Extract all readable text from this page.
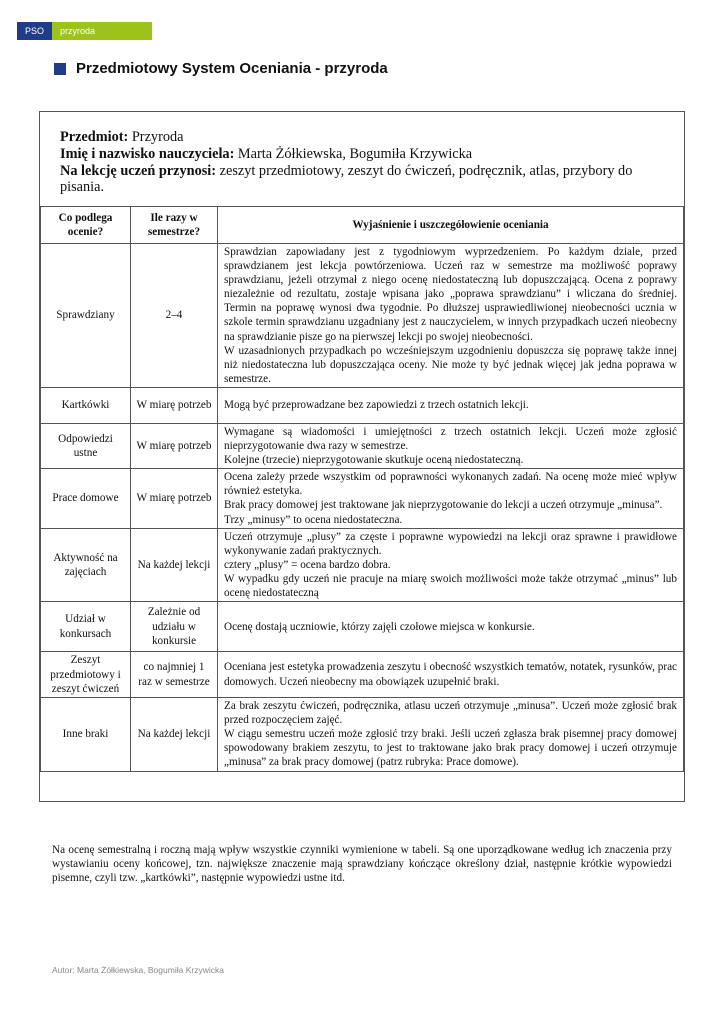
PSO	przyroda
Przedmiotowy System Oceniania - przyroda
Przedmiot: Przyroda
Imię i nazwisko nauczyciela: Marta Żółkiewska, Bogumiła Krzywicka
Na lekcję uczeń przynosi: zeszyt przedmiotowy, zeszyt do ćwiczeń, podręcznik, atlas, przybory do pisania.
Co podlega ocenie?	Ile razy w semestrze?	Wyjaśnienie i uszczegółowienie oceniania
Sprawdziany	2–4	Sprawdzian zapowiadany jest z tygodniowym wyprzedzeniem. Po każdym dziale, przed sprawdzianem jest lekcja powtórzeniowa. Uczeń raz w semestrze ma możliwość poprawy sprawdzianu, jeżeli otrzymał z niego ocenę niedostateczną lub dopuszczającą. Ocena z poprawy niezależnie od rezultatu, zostaje wpisana jako „poprawa sprawdzianu” i wliczana do średniej. Termin na poprawę wynosi dwa tygodnie. Po dłuższej usprawiedliwionej nieobecności ucznia w szkole termin sprawdzianu uzgadniany jest z nauczycielem, w innych przypadkach uczeń nieobecny na sprawdzianie pisze go na pierwszej lekcji po swojej nieobecności.
W uzasadnionych przypadkach po wcześniejszym uzgodnieniu dopuszcza się poprawę także innej niż niedostateczna lub dopuszczająca oceny. Nie może ty być jednak więcej jak jedna poprawa w semestrze.

Kartkówki	W miarę potrzeb	Mogą być przeprowadzane bez zapowiedzi z trzech ostatnich lekcji.

Odpowiedzi ustne	W miarę potrzeb	Wymagane są wiadomości i umiejętności z trzech ostatnich lekcji. Uczeń może zgłosić nieprzygotowanie dwa razy w semestrze.
Kolejne (trzecie) nieprzygotowanie skutkuje oceną niedostateczną.

Prace domowe	W miarę potrzeb	Ocena zależy przede wszystkim od poprawności wykonanych zadań. Na ocenę może mieć wpływ również estetyka.
Brak pracy domowej jest traktowane jak nieprzygotowanie do lekcji a uczeń otrzymuje „minusa”.
Trzy „minusy” to ocena niedostateczna.

Aktywność na zajęciach	Na każdej lekcji	Uczeń otrzymuje „plusy” za częste i poprawne wypowiedzi na lekcji oraz sprawne i prawidłowe wykonywanie zadań praktycznych.
cztery „plusy” = ocena bardzo dobra.
W wypadku gdy uczeń nie pracuje na miarę swoich możliwości może także otrzymać „minus” lub ocenę niedostateczną

Udział w konkursach	Zależnie od udziału w konkursie	Ocenę dostają uczniowie, którzy zajęli czołowe miejsca w konkursie.

Zeszyt przedmiotowy i zeszyt ćwiczeń	co najmniej 1 raz w semestrze	Oceniana jest estetyka prowadzenia zeszytu i obecność wszystkich tematów, notatek, rysunków, prac domowych. Uczeń nieobecny ma obowiązek uzupełnić braki.

Inne braki	Na każdej lekcji	Za brak zeszytu ćwiczeń, podręcznika, atlasu uczeń otrzymuje „minusa”. Uczeń może zgłosić brak przed rozpoczęciem zajęć.
W ciągu semestru uczeń może zgłosić trzy braki. Jeśli uczeń zgłasza brak pisemnej pracy domowej spowodowany brakiem zeszytu, to jest to traktowane jako brak pracy domowej i uczeń otrzymuje „minusa” za brak pracy domowej (patrz rubryka: Prace domowe).
Na ocenę semestralną i roczną mają wpływ wszystkie czynniki wymienione w tabeli. Są one uporządkowane według ich znaczenia przy wystawianiu oceny końcowej, tzn. największe znaczenie mają sprawdziany kończące określony dział, następnie krótkie wypowiedzi pisemne, czyli tzw. „kartkówki”, następnie wypowiedzi ustne itd.
Autor: Marta Żółkiewska, Bogumiła Krzywicka
